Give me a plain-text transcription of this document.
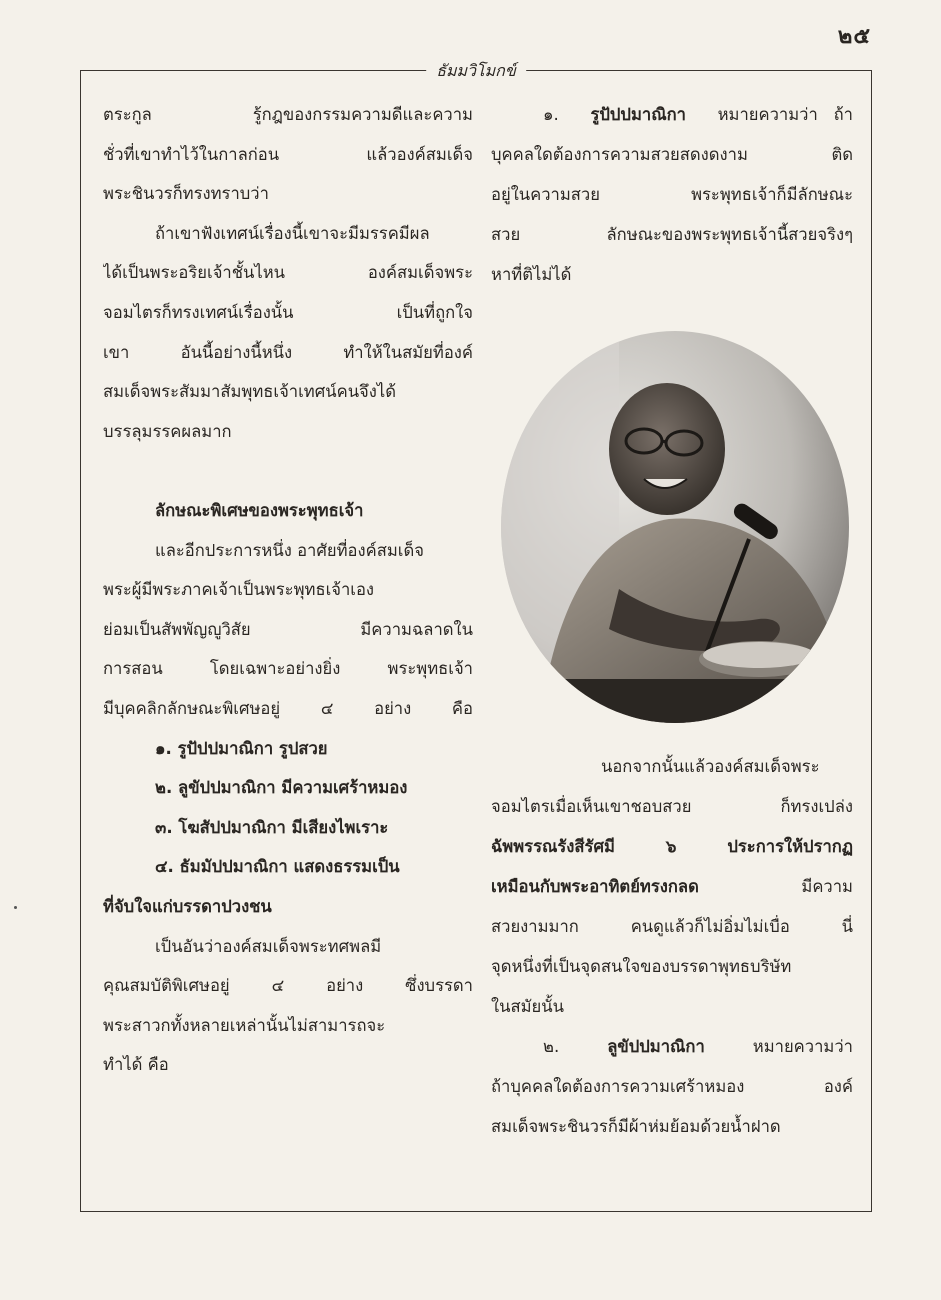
๒๕
ธัมมวิโมกข์
ตระกูล รู้กฎของกรรมความดีและความ
ชั่วที่เขาทำไว้ในกาลก่อน แล้วองค์สมเด็จ
พระชินวรก็ทรงทราบว่า
ถ้าเขาฟังเทศน์เรื่องนี้เขาจะมีมรรคมีผล
ได้เป็นพระอริยเจ้าชั้นไหน องค์สมเด็จพระ
จอมไตรก็ทรงเทศน์เรื่องนั้น เป็นที่ถูกใจ
เขา อันนี้อย่างนี้หนึ่ง ทำให้ในสมัยที่องค์
สมเด็จพระสัมมาสัมพุทธเจ้าเทศน์คนจึงได้
บรรลุมรรคผลมาก
ลักษณะพิเศษของพระพุทธเจ้า
และอีกประการหนึ่ง อาศัยที่องค์สมเด็จ
พระผู้มีพระภาคเจ้าเป็นพระพุทธเจ้าเอง
ย่อมเป็นสัพพัญญูวิสัย มีความฉลาดใน
การสอน โดยเฉพาะอย่างยิ่ง พระพุทธเจ้า
มีบุคคลิกลักษณะพิเศษอยู่ ๔ อย่าง คือ
๑. รูปัปปมาณิกา รูปสวย
๒. ลูขัปปมาณิกา มีความเศร้าหมอง
๓. โฆสัปปมาณิกา มีเสียงไพเราะ
๔. ธัมมัปปมาณิกา แสดงธรรมเป็น
ที่จับใจแก่บรรดาปวงชน
เป็นอันว่าองค์สมเด็จพระทศพลมี
คุณสมบัติพิเศษอยู่ ๔ อย่าง ซึ่งบรรดา
พระสาวกทั้งหลายเหล่านั้นไม่สามารถจะ
ทำได้ คือ
๑. รูปัปปมาณิกา หมายความว่า ถ้า
บุคคลใดต้องการความสวยสดงดงาม ติด
อยู่ในความสวย พระพุทธเจ้าก็มีลักษณะ
สวย ลักษณะของพระพุทธเจ้านี้สวยจริงๆ
หาที่ติไม่ได้
นอกจากนั้นแล้วองค์สมเด็จพระ
จอมไตรเมื่อเห็นเขาชอบสวย ก็ทรงเปล่ง
ฉัพพรรณรังสีรัศมี ๖ ประการให้ปรากฏ
เหมือนกับพระอาทิตย์ทรงกลด	มีความ
สวยงามมาก คนดูแล้วก็ไม่อิ่มไม่เบื่อ นี่
จุดหนึ่งที่เป็นจุดสนใจของบรรดาพุทธบริษัท
ในสมัยนั้น
๒.	ลูขัปปมาณิกา	หมายความว่า
ถ้าบุคคลใดต้องการความเศร้าหมอง องค์
สมเด็จพระชินวรก็มีผ้าห่มย้อมด้วยน้ำฝาด
